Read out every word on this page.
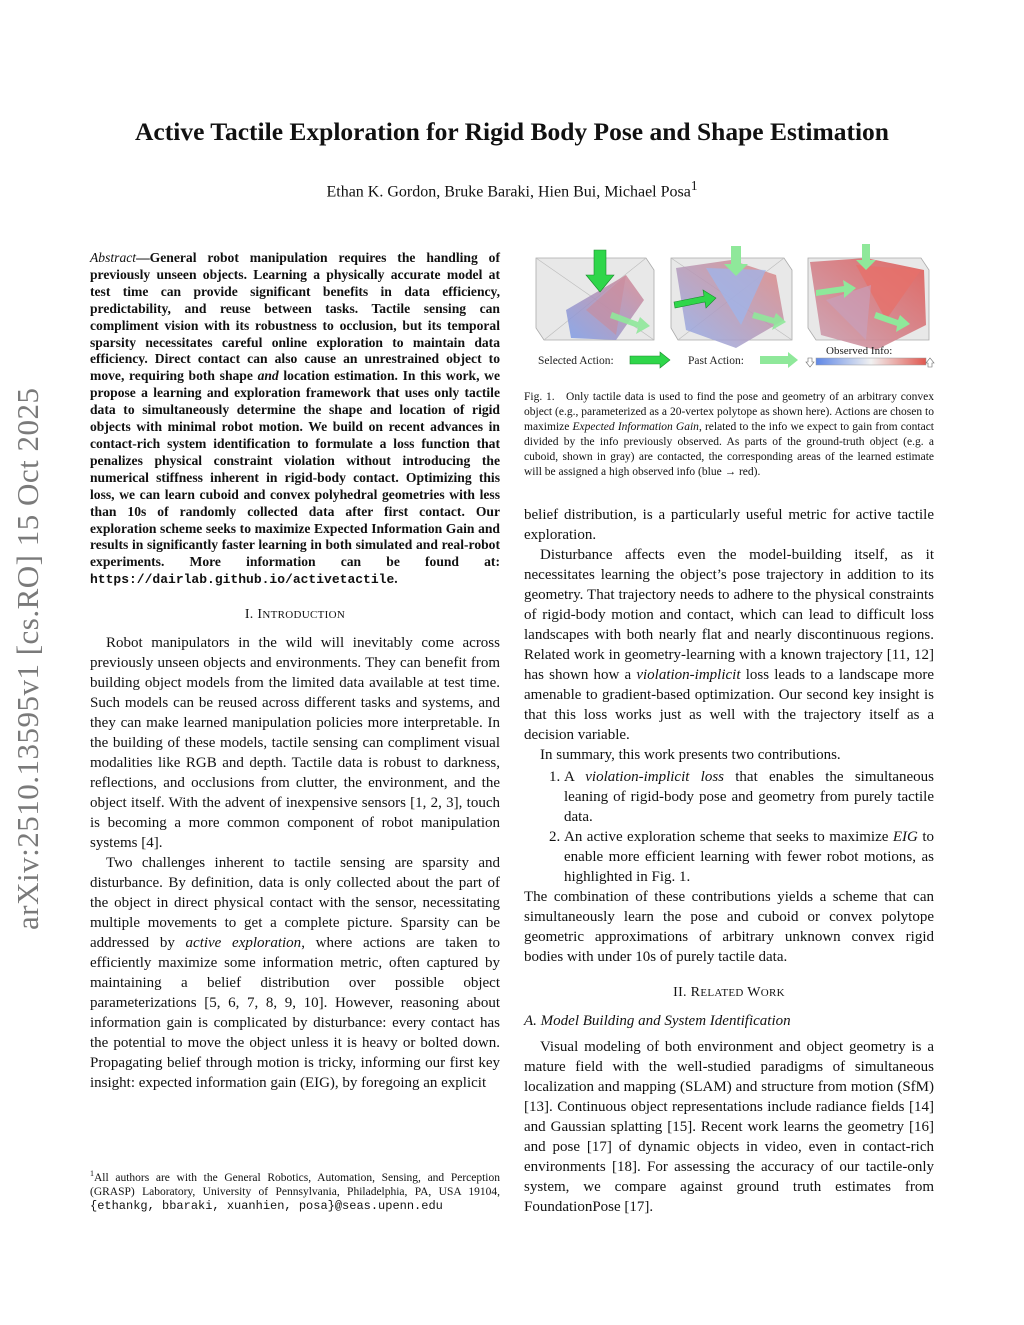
arXiv:2510.13595v1 [cs.RO] 15 Oct 2025
Active Tactile Exploration for Rigid Body Pose and Shape Estimation
Ethan K. Gordon, Bruke Baraki, Hien Bui, Michael Posa$^1$

Abstract—General robot manipulation requires the handling of previously unseen objects. Learning a physically accurate model at test time can provide significant benefits in data efficiency, predictability, and reuse between tasks. Tactile sensing can compliment vision with its robustness to occlusion, but its temporal sparsity necessitates careful online exploration to maintain data efficiency. Direct contact can also cause an unrestrained object to move, requiring both shape and location estimation. In this work, we propose a learning and exploration framework that uses only tactile data to simultaneously determine the shape and location of rigid objects with minimal robot motion. We build on recent advances in contact-rich system identification to formulate a loss function that penalizes physical constraint violation without introducing the numerical stiffness inherent in rigid-body contact. Optimizing this loss, we can learn cuboid and convex polyhedral geometries with less than 10s of randomly collected data after first contact. Our exploration scheme seeks to maximize Expected Information Gain and results in significantly faster learning in both simulated and real-robot experiments. More information can be found at: https://dairlab.github.io/activetactile.

I. INTRODUCTION

Robot manipulators in the wild will inevitably come across previously unseen objects and environments. They can benefit from building object models from the limited data available at test time. Such models can be reused across different tasks and systems, and they can make learned manipulation policies more interpretable. In the building of these models, tactile sensing can compliment visual modalities like RGB and depth. Tactile data is robust to darkness, reflections, and occlusions from clutter, the environment, and the object itself. With the advent of inexpensive sensors [1, 2, 3], touch is becoming a more common component of robot manipulation systems [4].

Two challenges inherent to tactile sensing are sparsity and disturbance. By definition, data is only collected about the part of the object in direct physical contact with the sensor, necessitating multiple movements to get a complete picture. Sparsity can be addressed by active exploration, where actions are taken to efficiently maximize some information metric, often captured by maintaining a belief distribution over possible object parameterizations [5, 6, 7, 8, 9, 10]. However, reasoning about information gain is complicated by disturbance: every contact has the potential to move the object unless it is heavy or bolted down. Propagating belief through motion is tricky, informing our first key insight: expected information gain (EIG), by foregoing an explicit

$^1$All authors are with the General Robotics, Automation, Sensing, and Perception (GRASP) Laboratory, University of Pennsylvania, Philadelphia, PA, USA 19104, {ethankg, bbaraki, xuanhien, posa}@seas.upenn.edu
Selected Action:	Past Action:
Observed Info:
Fig. 1. Only tactile data is used to find the pose and geometry of an arbitrary convex object (e.g., parameterized as a 20-vertex polytope as shown here). Actions are chosen to maximize Expected Information Gain, related to the info we expect to gain from contact divided by the info previously observed. As parts of the ground-truth object (e.g. a cuboid, shown in gray) are contacted, the corresponding areas of the learned estimate will be assigned a high observed info (blue → red).

belief distribution, is a particularly useful metric for active tactile exploration.

Disturbance affects even the model-building itself, as it necessitates learning the object’s pose trajectory in addition to its geometry. That trajectory needs to adhere to the physical constraints of rigid-body motion and contact, which can lead to difficult loss landscapes with both nearly flat and nearly discontinuous regions. Related work in geometry-learning with a known trajectory [11, 12] has shown how a violation-implicit loss leads to a landscape more amenable to gradient-based optimization. Our second key insight is that this loss works just as well with the trajectory itself as a decision variable.

In summary, this work presents two contributions.

1. A violation-implicit loss that enables the simultaneous leaning of rigid-body pose and geometry from purely tactile data.
2. An active exploration scheme that seeks to maximize EIG to enable more efficient learning with fewer robot motions, as highlighted in Fig. 1.

The combination of these contributions yields a scheme that can simultaneously learn the pose and cuboid or convex polytope geometric approximations of arbitrary unknown convex rigid bodies with under 10s of purely tactile data.

II. RELATED WORK
A. Model Building and System Identification

Visual modeling of both environment and object geometry is a mature field with the well-studied paradigms of simultaneous localization and mapping (SLAM) and structure from motion (SfM)[13]. Continuous object representations include radiance fields [14] and Gaussian splatting [15]. Recent work learns the geometry [16] and pose [17] of dynamic objects in video, even in contact-rich environments [18]. For assessing the accuracy of our tactile-only system, we compare against ground truth estimates from FoundationPose [17].
